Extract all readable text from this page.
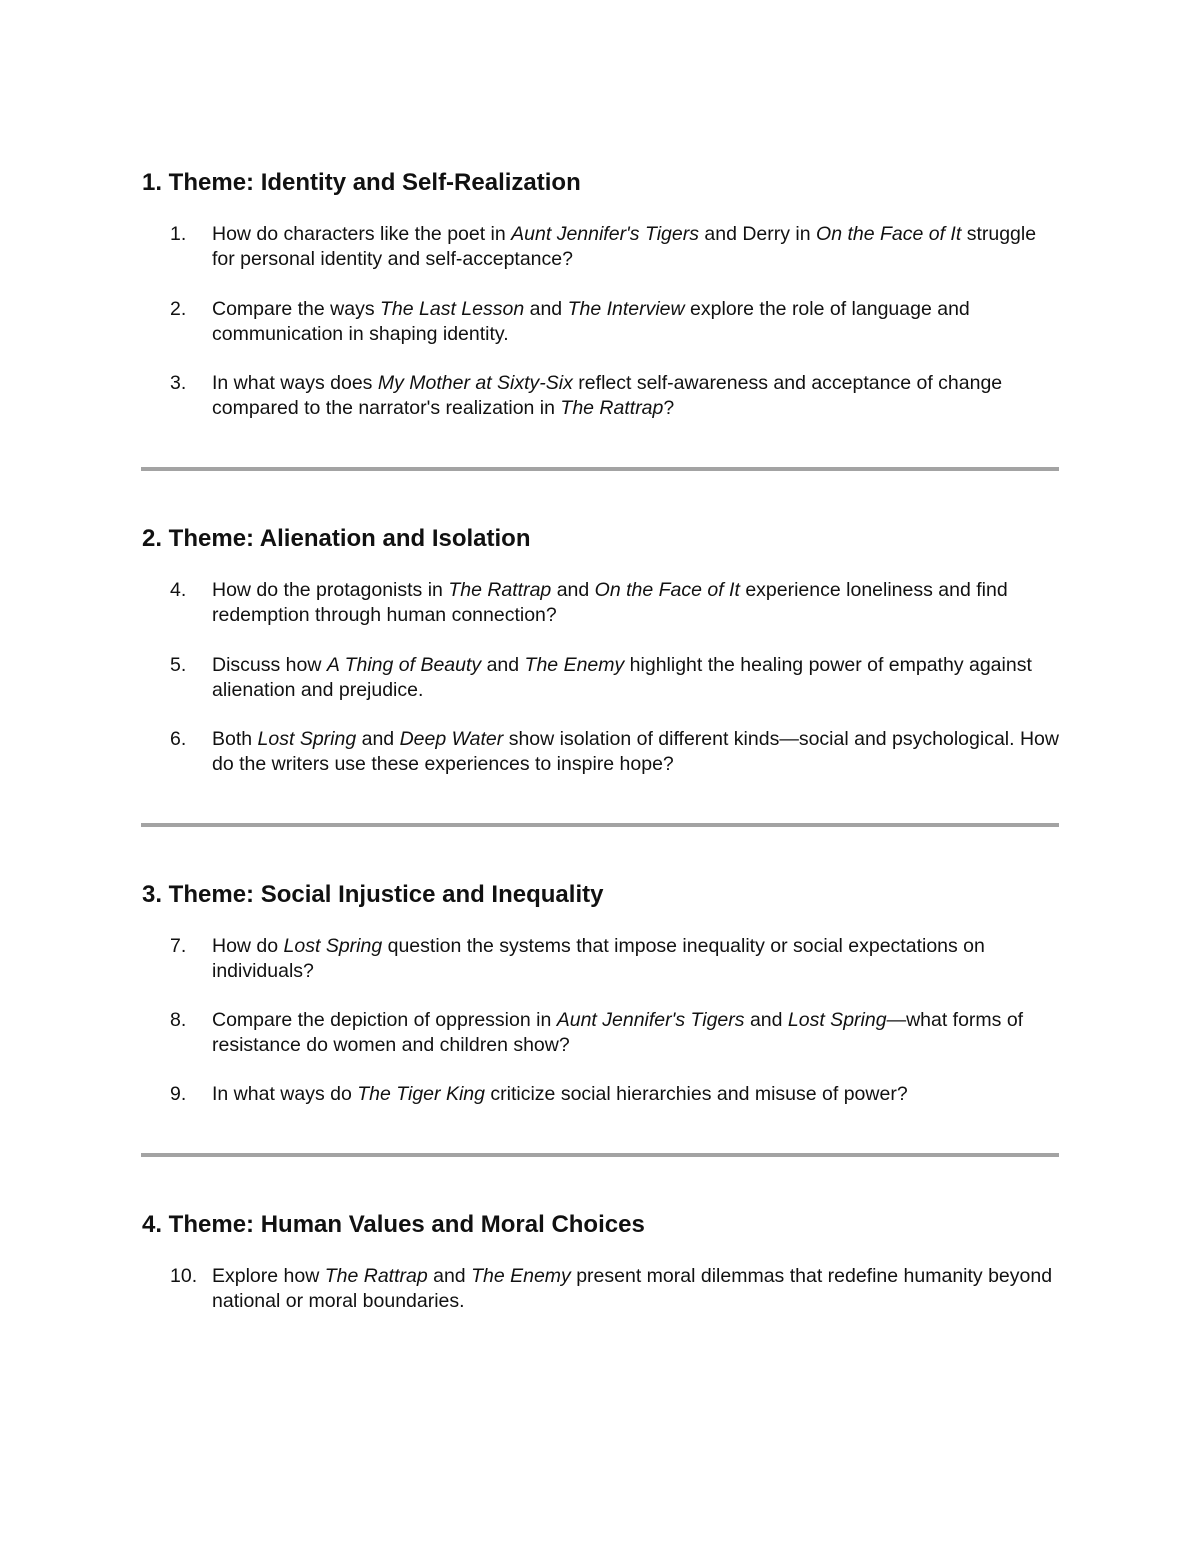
1. Theme: Identity and Self-Realization
1.	How do characters like the poet in Aunt Jennifer's Tigers and Derry in On the Face of It struggle for personal identity and self-acceptance?
2.	Compare the ways The Last Lesson and The Interview explore the role of language and communication in shaping identity.
3.	In what ways does My Mother at Sixty-Six reflect self-awareness and acceptance of change compared to the narrator's realization in The Rattrap?
2. Theme: Alienation and Isolation
4.	How do the protagonists in The Rattrap and On the Face of It experience loneliness and find redemption through human connection?
5.	Discuss how A Thing of Beauty and The Enemy highlight the healing power of empathy against alienation and prejudice.
6.	Both Lost Spring and Deep Water show isolation of different kinds—social and psychological. How do the writers use these experiences to inspire hope?
3. Theme: Social Injustice and Inequality
7.	How do Lost Spring question the systems that impose inequality or social expectations on individuals?
8.	Compare the depiction of oppression in Aunt Jennifer's Tigers and Lost Spring—what forms of resistance do women and children show?
9.	In what ways do The Tiger King criticize social hierarchies and misuse of power?
4. Theme: Human Values and Moral Choices
10. Explore how The Rattrap and The Enemy present moral dilemmas that redefine humanity beyond national or moral boundaries.
